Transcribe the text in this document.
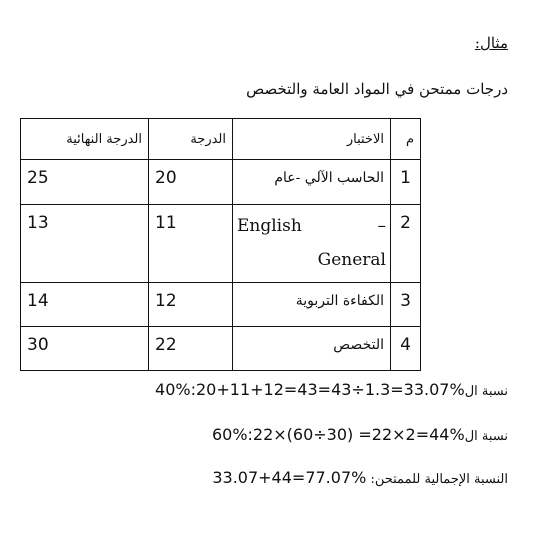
مثال:
درجات ممتحن في المواد العامة والتخصص
م	الاختبار	الدرجة	الدرجة النهائية
1	الحاسب الآلي -عام	20	25
2	English –
General	11	13
3	الكفاءة التربوية	12	14
4	التخصص	22	30
نسبة ال40%:20+11+12=43=43÷1.3=33.07%
نسبة ال60%:22×(60÷30) =22×2=44%
النسبة الإجمالية للممتحن: 33.07+44=77.07%
